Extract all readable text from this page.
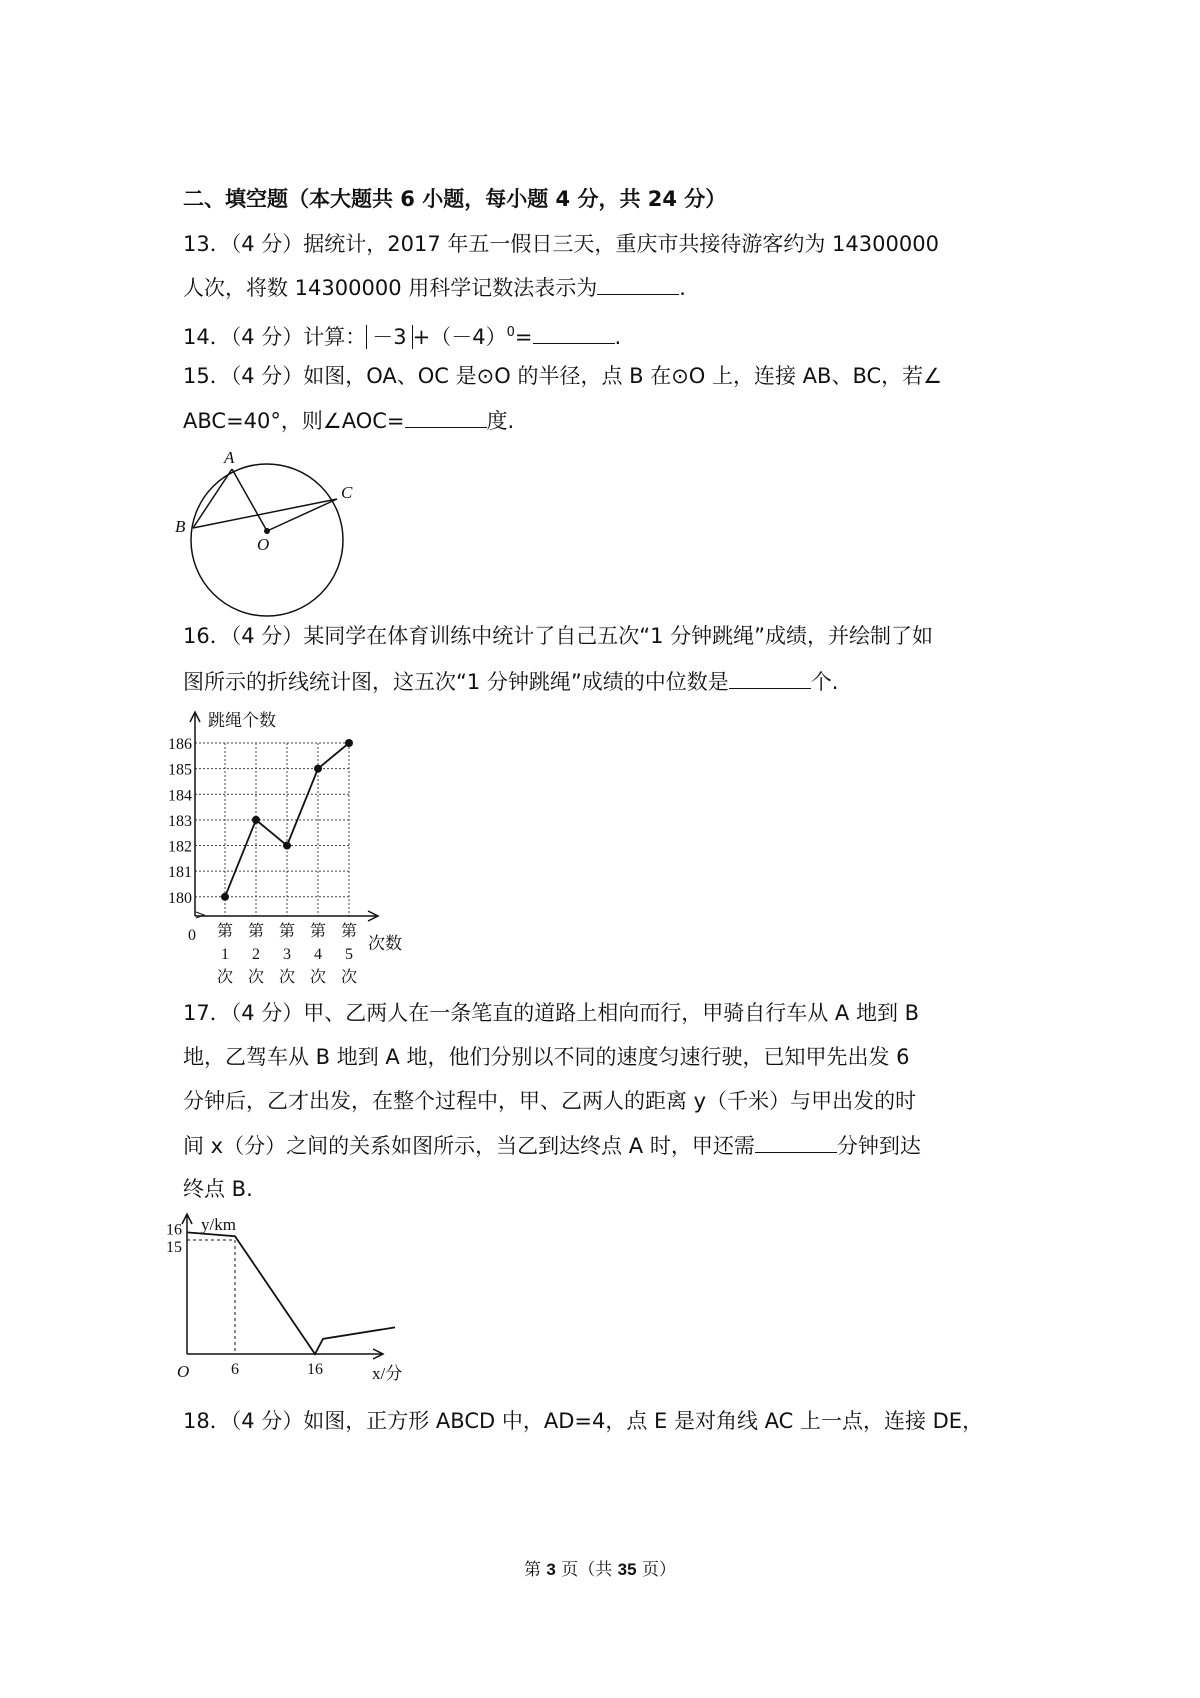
二、填空题（本大题共 6 小题，每小题 4 分，共 24 分）
13．（4 分）据统计，2017 年五一假日三天，重庆市共接待游客约为 14300000
人次，将数 14300000 用科学记数法表示为	.
14．（4 分）计算： $-3 +(-4)^0=$	.
15．（4 分）如图，OA、OC 是⊙O 的半径，点 B 在⊙O 上，连接 AB、BC，若∠
ABC=40°，则∠AOC=	度.
A
B
C
O
16．（4 分）某同学在体育训练中统计了自己五次“1 分钟跳绳”成绩，并绘制了如
图所示的折线统计图，这五次“1 分钟跳绳”成绩的中位数是	个.
180
181
182
183
184
185
186
第
1
次
第
2
次
第
3
次
第
4
次
第
5
次
跳绳个数
次数
0
17．（4 分）甲、乙两人在一条笔直的道路上相向而行，甲骑自行车从 A 地到 B
地，乙驾车从 B 地到 A 地，他们分别以不同的速度匀速行驶，已知甲先出发 6
分钟后，乙才出发，在整个过程中，甲、乙两人的距离 y（千米）与甲出发的时
间 x（分）之间的关系如图所示，当乙到达终点 A 时，甲还需	分钟到达
终点 B.
16
15
6	16
y/km
x/分
O
18．（4 分）如图，正方形 ABCD 中，AD=4，点 E 是对角线 AC 上一点，连接 DE，
第 3 页（共 35 页）
